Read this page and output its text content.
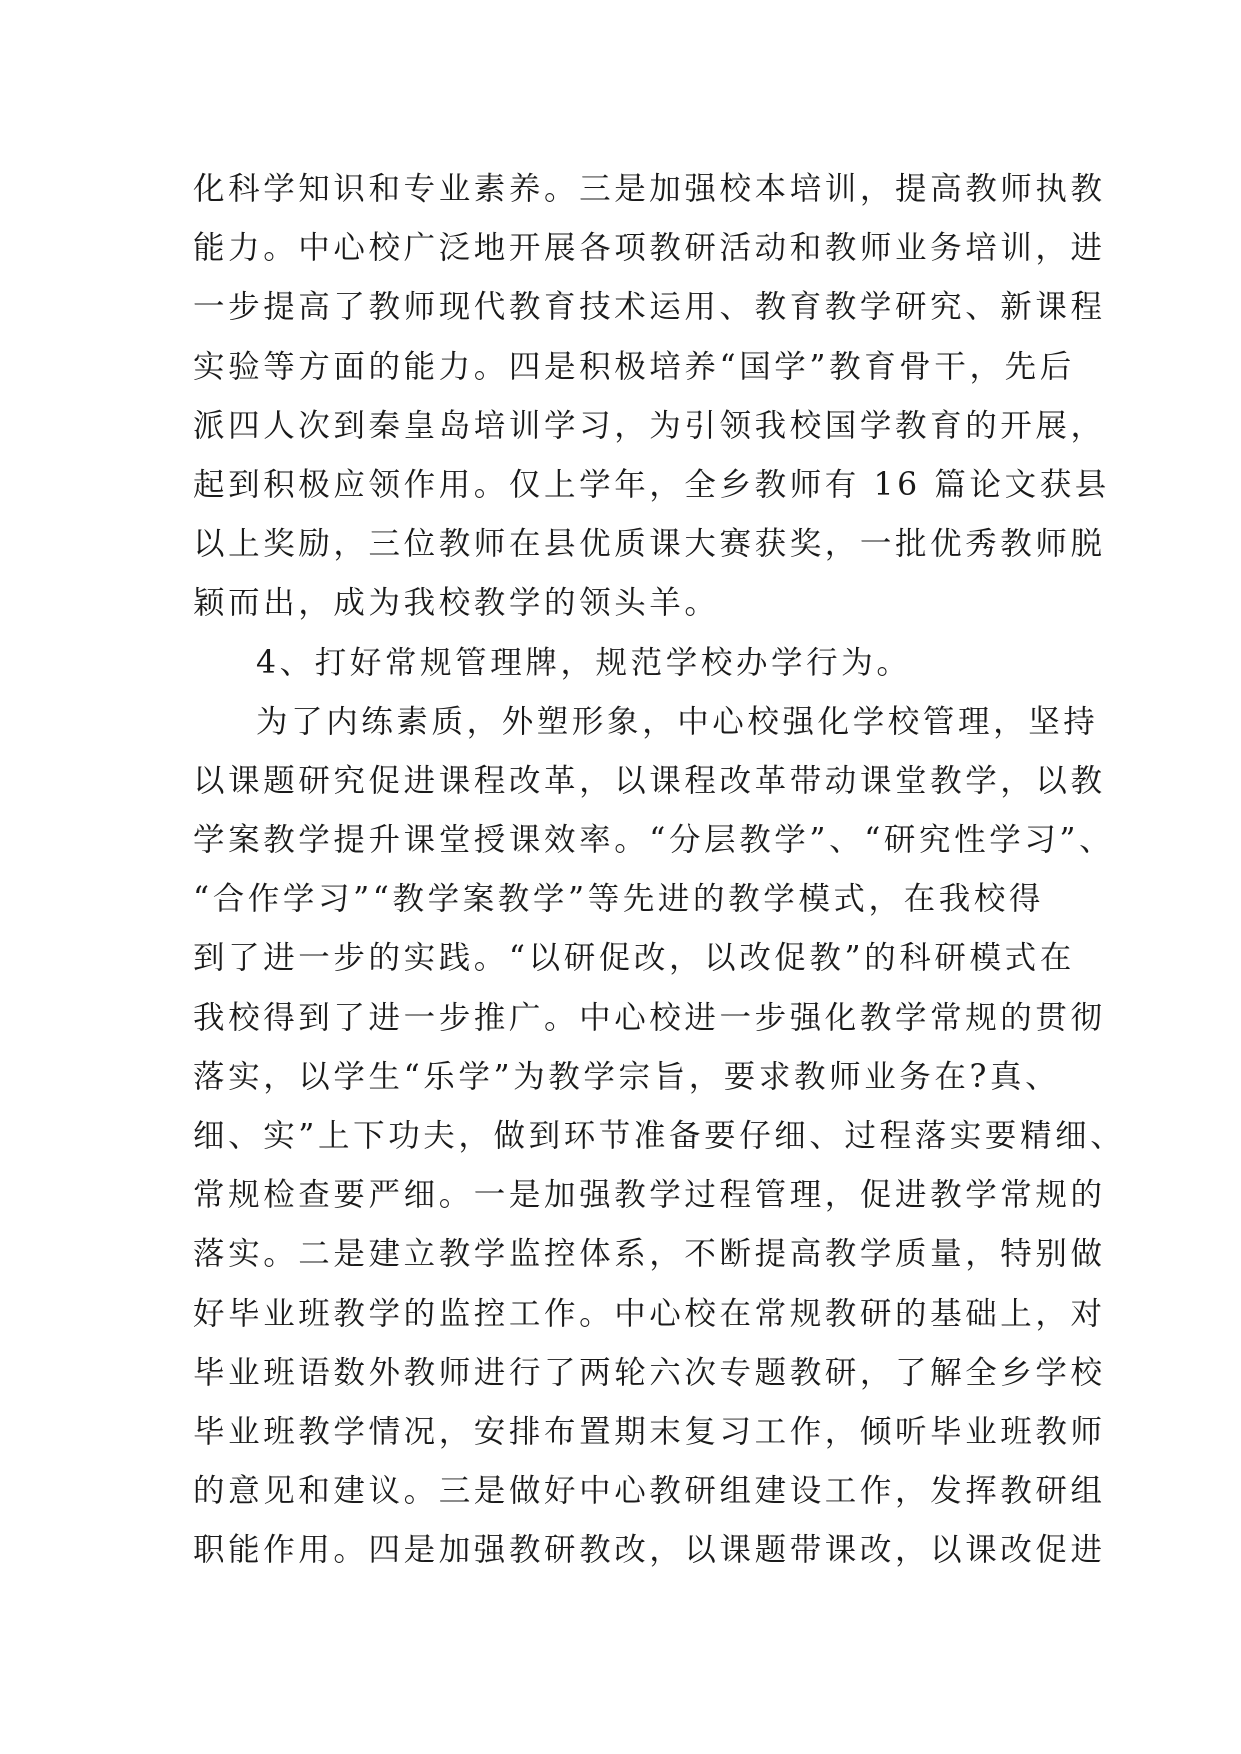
化科学知识和专业素养。三是加强校本培训，提高教师执教
能力。中心校广泛地开展各项教研活动和教师业务培训，进
一步提高了教师现代教育技术运用、教育教学研究、新课程
实验等方面的能力。四是积极培养“国学”教育骨干，先后
派四人次到秦皇岛培训学习，为引领我校国学教育的开展，
起到积极应领作用。仅上学年，全乡教师有 16 篇论文获县
以上奖励，三位教师在县优质课大赛获奖，一批优秀教师脱
颖而出，成为我校教学的领头羊。
4、打好常规管理牌，规范学校办学行为。
为了内练素质，外塑形象，中心校强化学校管理，坚持
以课题研究促进课程改革，以课程改革带动课堂教学，以教
学案教学提升课堂授课效率。“分层教学”、“研究性学习”、
“合作学习”“教学案教学”等先进的教学模式，在我校得
到了进一步的实践。“以研促改，以改促教”的科研模式在
我校得到了进一步推广。中心校进一步强化教学常规的贯彻
落实，以学生“乐学”为教学宗旨，要求教师业务在?真、
细、实”上下功夫，做到环节准备要仔细、过程落实要精细、
常规检查要严细。一是加强教学过程管理，促进教学常规的
落实。二是建立教学监控体系，不断提高教学质量，特别做
好毕业班教学的监控工作。中心校在常规教研的基础上，对
毕业班语数外教师进行了两轮六次专题教研，了解全乡学校
毕业班教学情况，安排布置期末复习工作，倾听毕业班教师
的意见和建议。三是做好中心教研组建设工作，发挥教研组
职能作用。四是加强教研教改，以课题带课改，以课改促进
